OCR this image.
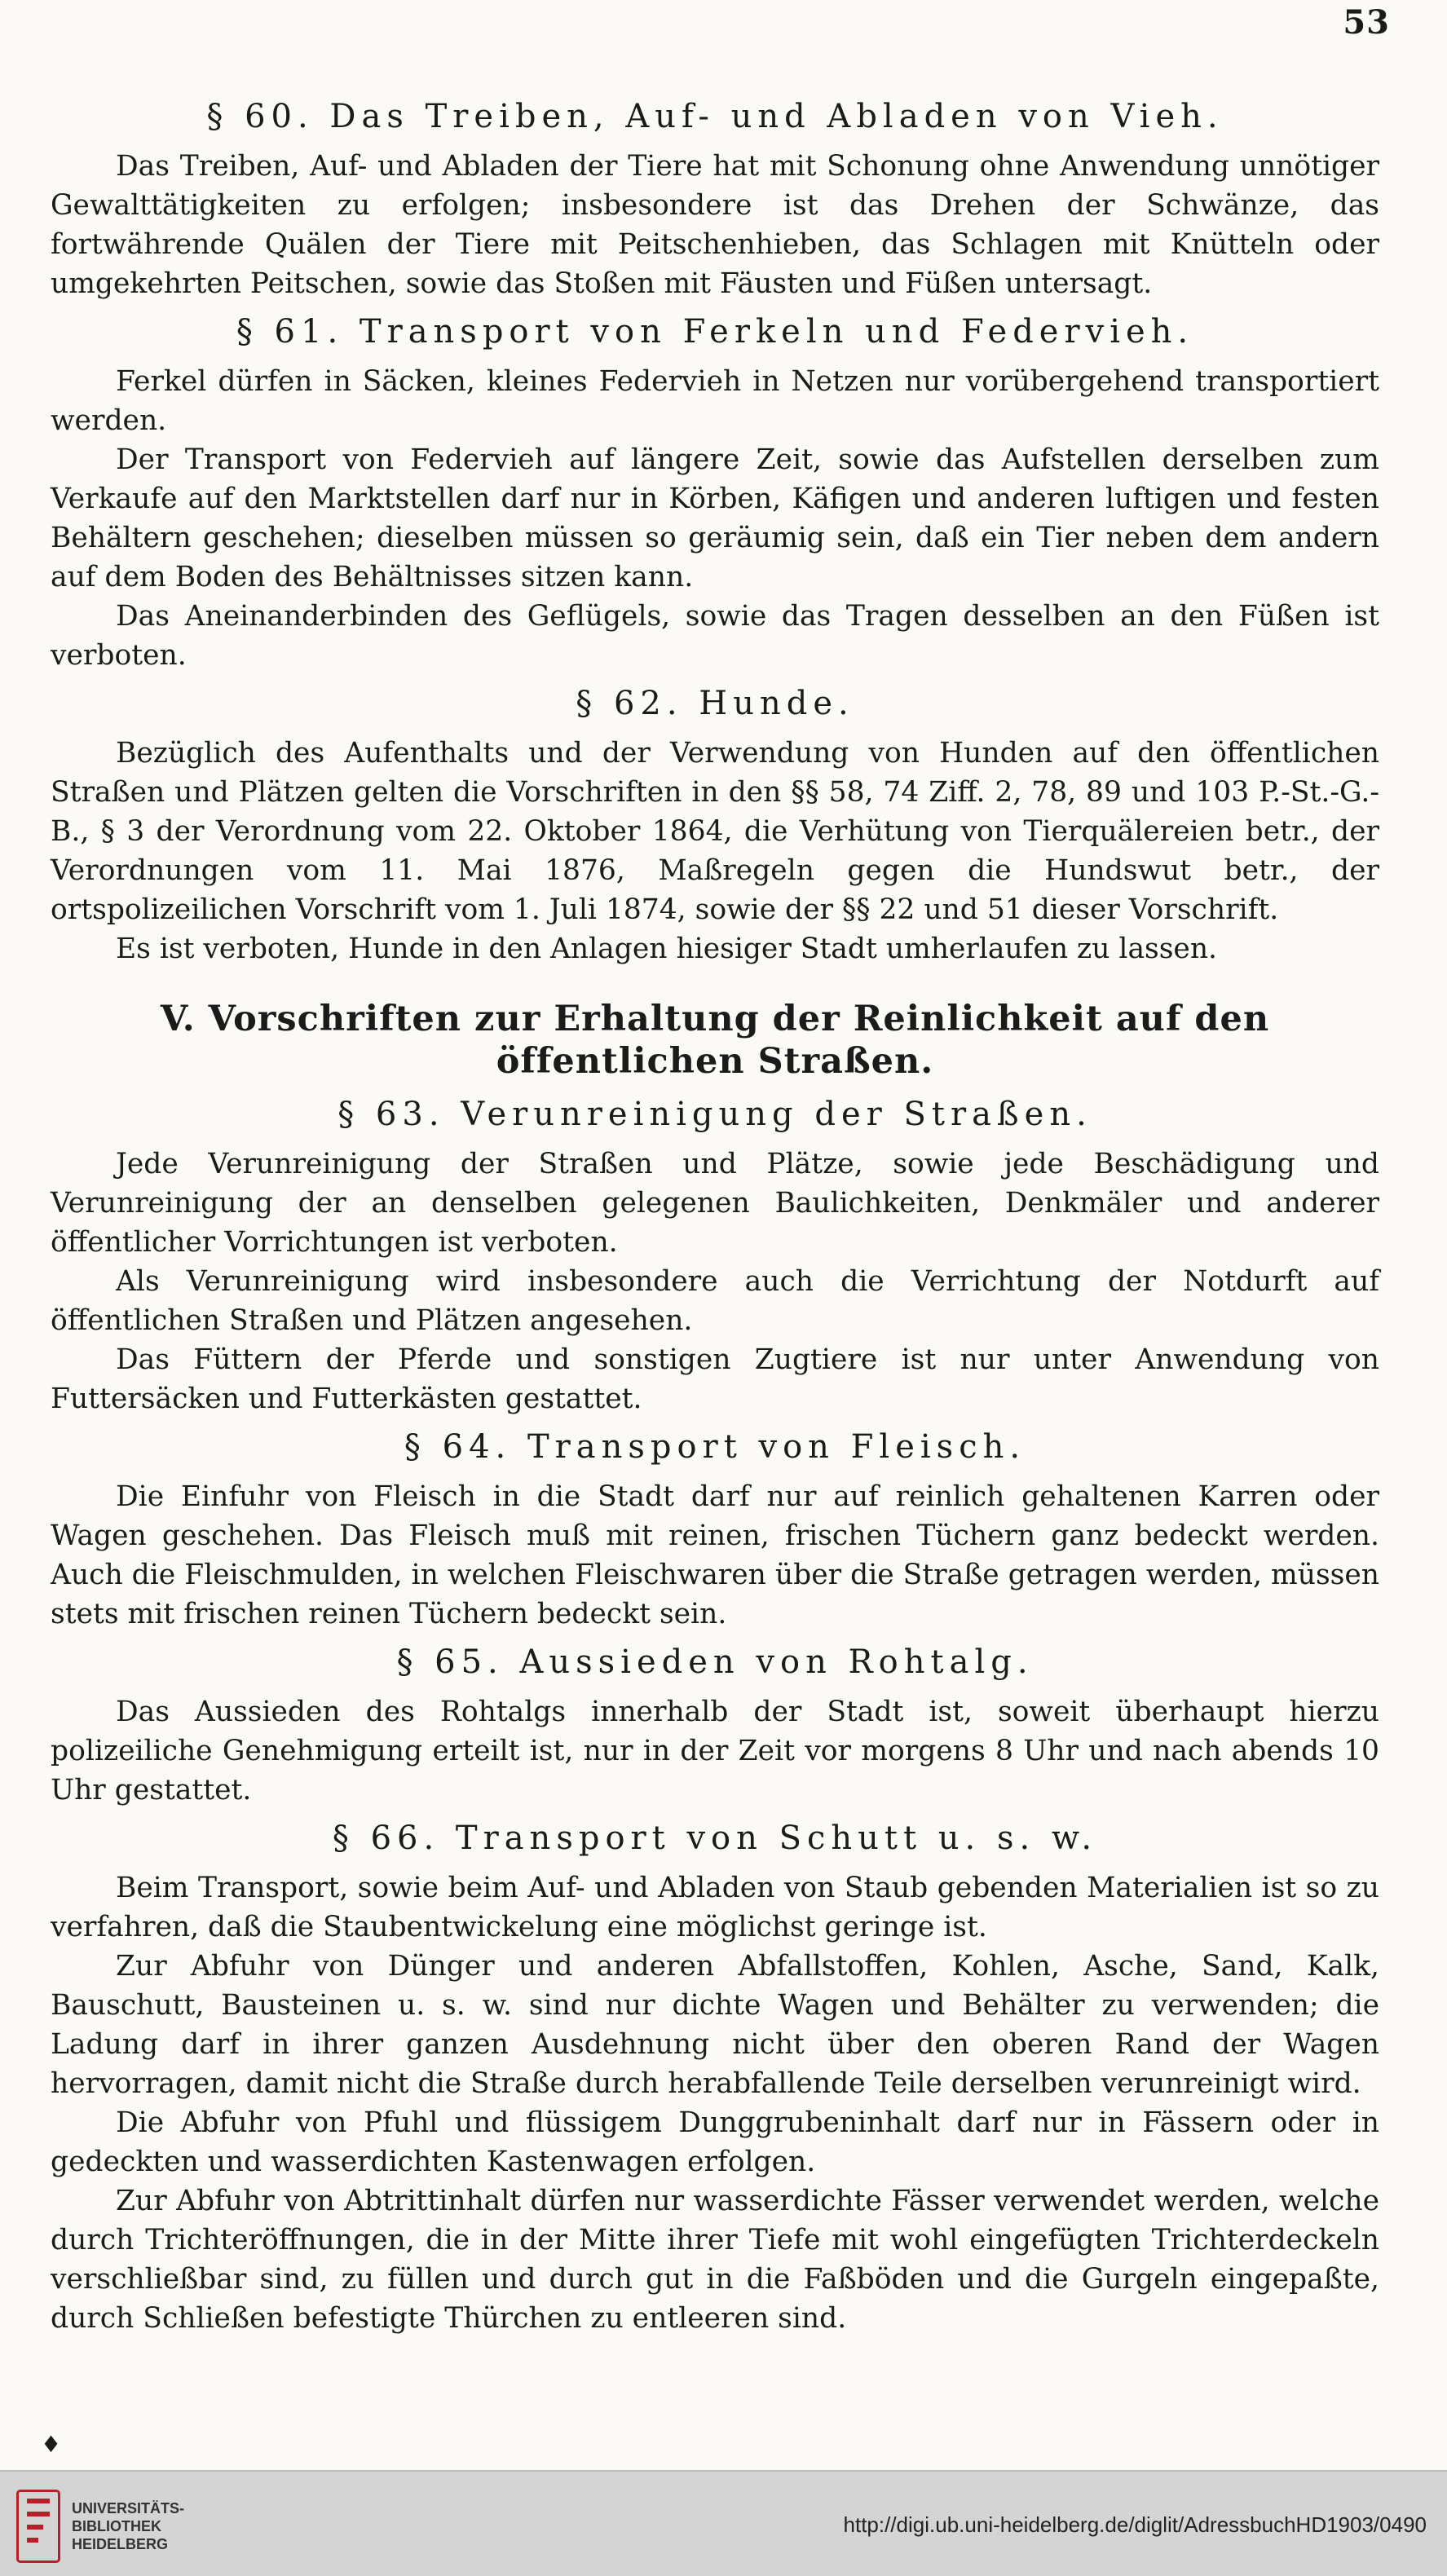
53
§ 60. Das Treiben, Auf- und Abladen von Vieh.

Das Treiben, Auf- und Abladen der Tiere hat mit Schonung ohne Anwendung unnötiger Gewalttätigkeiten zu erfolgen; insbesondere ist das Drehen der Schwänze, das fortwährende Quälen der Tiere mit Peitschenhieben, das Schlagen mit Knütteln oder umgekehrten Peitschen, sowie das Stoßen mit Fäusten und Füßen untersagt.

§ 61. Transport von Ferkeln und Federvieh.

Ferkel dürfen in Säcken, kleines Federvieh in Netzen nur vorübergehend transportiert werden.

Der Transport von Federvieh auf längere Zeit, sowie das Aufstellen derselben zum Verkaufe auf den Marktstellen darf nur in Körben, Käfigen und anderen luftigen und festen Behältern geschehen; dieselben müssen so geräumig sein, daß ein Tier neben dem andern auf dem Boden des Behältnisses sitzen kann.

Das Aneinanderbinden des Geflügels, sowie das Tragen desselben an den Füßen ist verboten.

§ 62. Hunde.

Bezüglich des Aufenthalts und der Verwendung von Hunden auf den öffentlichen Straßen und Plätzen gelten die Vorschriften in den §§ 58, 74 Ziff. 2, 78, 89 und 103 P.-St.-G.-B., § 3 der Verordnung vom 22. Oktober 1864, die Verhütung von Tierquälereien betr., der Verordnungen vom 11. Mai 1876, Maßregeln gegen die Hundswut betr., der ortspolizeilichen Vorschrift vom 1. Juli 1874, sowie der §§ 22 und 51 dieser Vorschrift.

Es ist verboten, Hunde in den Anlagen hiesiger Stadt umherlaufen zu lassen.

V. Vorschriften zur Erhaltung der Reinlichkeit auf den öffentlichen Straßen.
§ 63. Verunreinigung der Straßen.

Jede Verunreinigung der Straßen und Plätze, sowie jede Beschädigung und Verunreinigung der an denselben gelegenen Baulichkeiten, Denkmäler und anderer öffentlicher Vorrichtungen ist verboten.

Als Verunreinigung wird insbesondere auch die Verrichtung der Notdurft auf öffentlichen Straßen und Plätzen angesehen.

Das Füttern der Pferde und sonstigen Zugtiere ist nur unter Anwendung von Futtersäcken und Futterkästen gestattet.

§ 64. Transport von Fleisch.

Die Einfuhr von Fleisch in die Stadt darf nur auf reinlich gehaltenen Karren oder Wagen geschehen. Das Fleisch muß mit reinen, frischen Tüchern ganz bedeckt werden. Auch die Fleischmulden, in welchen Fleischwaren über die Straße getragen werden, müssen stets mit frischen reinen Tüchern bedeckt sein.

§ 65. Aussieden von Rohtalg.

Das Aussieden des Rohtalgs innerhalb der Stadt ist, soweit überhaupt hierzu polizeiliche Genehmigung erteilt ist, nur in der Zeit vor morgens 8 Uhr und nach abends 10 Uhr gestattet.

§ 66. Transport von Schutt u. s. w.

Beim Transport, sowie beim Auf- und Abladen von Staub gebenden Materialien ist so zu verfahren, daß die Staubentwickelung eine möglichst geringe ist.

Zur Abfuhr von Dünger und anderen Abfallstoffen, Kohlen, Asche, Sand, Kalk, Bauschutt, Bausteinen u. s. w. sind nur dichte Wagen und Behälter zu verwenden; die Ladung darf in ihrer ganzen Ausdehnung nicht über den oberen Rand der Wagen hervorragen, damit nicht die Straße durch herabfallende Teile derselben verunreinigt wird.

Die Abfuhr von Pfuhl und flüssigem Dunggrubeninhalt darf nur in Fässern oder in gedeckten und wasserdichten Kastenwagen erfolgen.

Zur Abfuhr von Abtrittinhalt dürfen nur wasserdichte Fässer verwendet werden, welche durch Trichteröffnungen, die in der Mitte ihrer Tiefe mit wohl eingefügten Trichterdeckeln verschließbar sind, zu füllen und durch gut in die Faßböden und die Gurgeln eingepaßte, durch Schließen befestigte Thürchen zu entleeren sind.

♦
UNIVERSITÄTS-
BIBLIOTHEK
HEIDELBERG
http://digi.ub.uni-heidelberg.de/diglit/AdressbuchHD1903/0490
